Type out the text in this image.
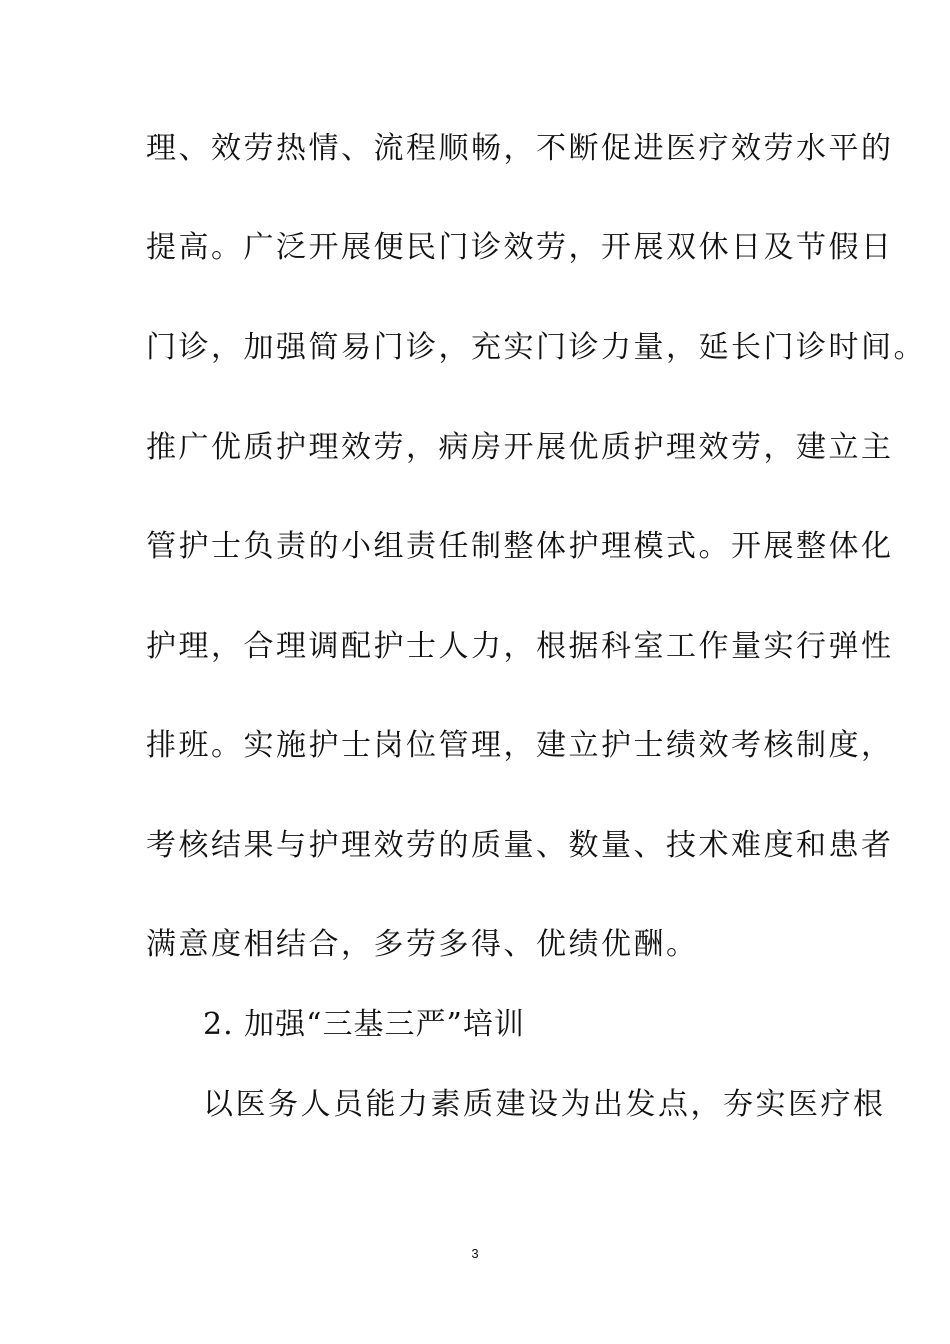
理、效劳热情、流程顺畅，不断促进医疗效劳水平的
提高。广泛开展便民门诊效劳，开展双休日及节假日
门诊，加强简易门诊，充实门诊力量，延长门诊时间。
推广优质护理效劳，病房开展优质护理效劳，建立主
管护士负责的小组责任制整体护理模式。开展整体化
护理，合理调配护士人力，根据科室工作量实行弹性
排班。实施护士岗位管理，建立护士绩效考核制度，
考核结果与护理效劳的质量、数量、技术难度和患者
满意度相结合，多劳多得、优绩优酬。
2. 加强“三基三严”培训
以医务人员能力素质建设为出发点，夯实医疗根
3
